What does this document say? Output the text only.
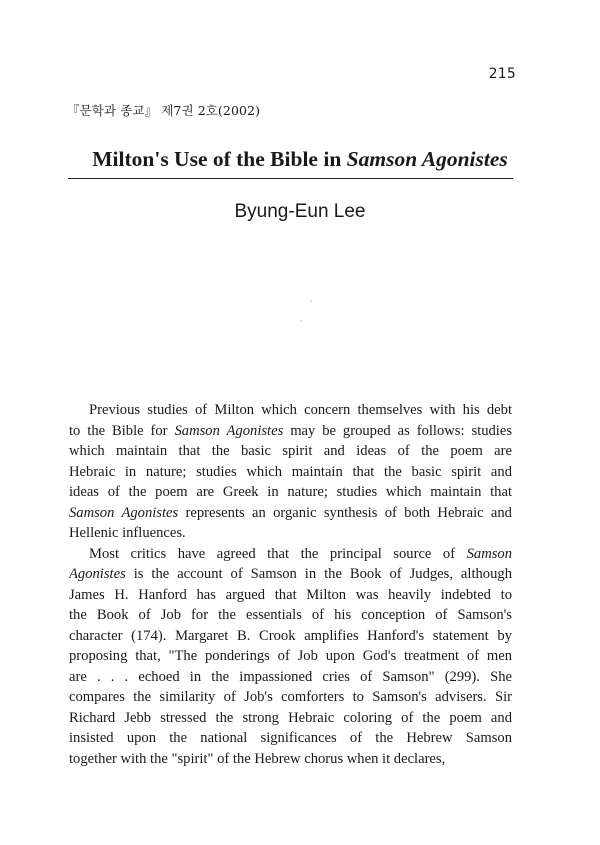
215
『문학과 종교』 제7권 2호(2002)
Milton's Use of the Bible in Samson Agonistes
Byung-Eun Lee
Previous studies of Milton which concern themselves with his debt
to the Bible for Samson Agonistes may be grouped as follows: studies
which maintain that the basic spirit and ideas of the poem are
Hebraic in nature; studies which maintain that the basic spirit and
ideas of the poem are Greek in nature; studies which maintain that
Samson Agonistes represents an organic synthesis of both Hebraic and
Hellenic influences.
Most critics have agreed that the principal source of Samson
Agonistes is the account of Samson in the Book of Judges, although
James H. Hanford has argued that Milton was heavily indebted to
the Book of Job for the essentials of his conception of Samson's
character (174). Margaret B. Crook amplifies Hanford's statement by
proposing that, "The ponderings of Job upon God's treatment of men
are . . . echoed in the impassioned cries of Samson" (299). She
compares the similarity of Job's comforters to Samson's advisers. Sir
Richard Jebb stressed the strong Hebraic coloring of the poem and
insisted upon the national significances of the Hebrew Samson
together with the "spirit" of the Hebrew chorus when it declares,
